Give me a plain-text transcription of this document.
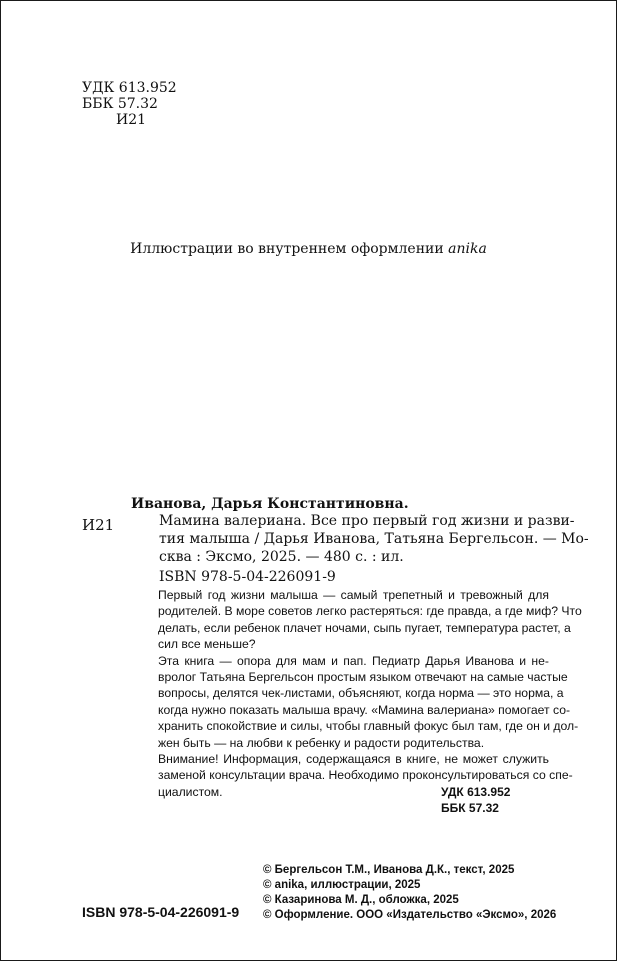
УДК 613.952
ББК 57.32
И21
Иллюстрации во внутреннем оформлении anika
Иванова, Дарья Константиновна.
И21	Мамина валериана. Все про первый год жизни и разви-
тия малыша / Дарья Иванова, Татьяна Бергельсон. — Мо-
сква : Эксмо, 2025. — 480 с. : ил.
ISBN 978-5-04-226091-9

Первый год жизни малыша — самый трепетный и тревожный для
родителей. В море советов легко растеряться: где правда, а где миф? Что
делать, если ребенок плачет ночами, сыпь пугает, температура растет, а
сил все меньше?

Эта книга — опора для мам и пап. Педиатр Дарья Иванова и не-
вролог Татьяна Бергельсон простым языком отвечают на самые частые
вопросы, делятся чек-листами, объясняют, когда норма — это норма, а
когда нужно показать малыша врачу. «Мамина валериана» помогает со-
хранить спокойствие и силы, чтобы главный фокус был там, где он и дол-
жен быть — на любви к ребенку и радости родительства.

Внимание! Информация, содержащаяся в книге, не может служить
заменой консультации врача. Необходимо проконсультироваться со спе-
циалистом.	УДК 613.952
ББК 57.32
© Бергельсон Т.М., Иванова Д.К., текст, 2025
© anika, иллюстрации, 2025
© Казаринова М. Д., обложка, 2025
© Оформление. ООО «Издательство «Эксмо», 2026
ISBN 978-5-04-226091-9
